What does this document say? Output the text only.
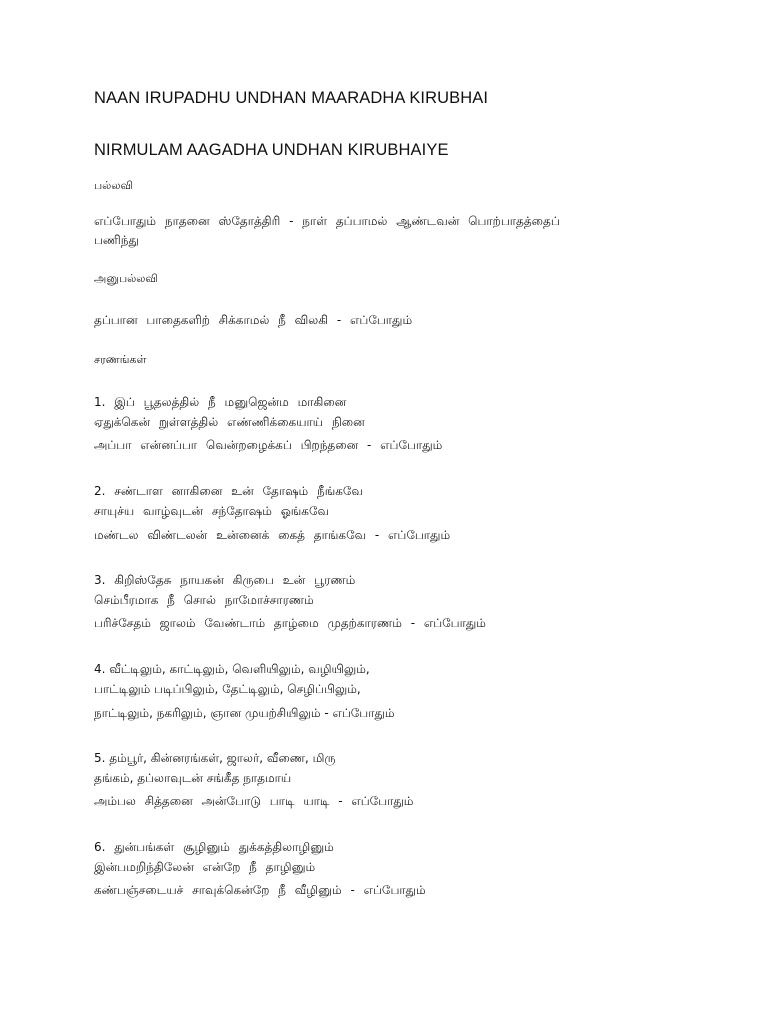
NAAN IRUPADHU UNDHAN MAARADHA KIRUBHAI
NIRMULAM AAGADHA UNDHAN KIRUBHAIYE
பல்லவி
எப்போதும் நாதனை ஸ்தோத்திரி - நாள் தப்பாமல் ஆண்டவன் பொற்பாதத்தைப்
பணிந்து
அனுபல்லவி
தப்பான பாதைகளிற் சிக்காமல் நீ விலகி - எப்போதும்
சரணங்கள்
1. இப் பூதலத்தில் நீ மனுஜென்ம மாகினை
ஏதுக்கென் றுள்ளத்தில் எண்ணிக்கையாய் நினை
அப்பா என்னப்பா வென்றழைக்கப் பிறந்தனை - எப்போதும்
2. சண்டாள னாகினை உன் தோஷம் நீங்கவே
சாயுச்ய வாழ்வுடன் சந்தோஷம் ஓங்கவே
மண்டல விண்டலன் உன்னைக் கைத் தாங்கவே - எப்போதும்
3. கிறிஸ்தேசு நாயகன் கிருபை உன் பூரணம்
செம்பீரமாக நீ சொல் நாமோச்சாரணம்
பரிச்சேதம் ஜாலம் வேண்டாம் தாழ்மை முதற்காரணம் - எப்போதும்
4. வீட்டிலும், காட்டிலும், வெளியிலும், வழியிலும்,
பாட்டிலும் படிப்பிலும், தேட்டிலும், செழிப்பிலும்,
நாட்டிலும், நகரிலும், ஞான முயற்சியிலும் - எப்போதும்
5. தம்பூர், கின்னரங்கள், ஜாலர், வீணை, மிரு
தங்கம், தப்லாவுடன் சங்கீத நாதமாய்
அம்பல சித்தனை அன்போடு பாடி யாடி - எப்போதும்
6. துன்பங்கள் சூழினும் துக்கத்திலாழினும்
இன்பமறிந்திலேன் என்றே நீ தாழினும்
கண்பஞ்சடையச் சாவுக்கென்றே நீ வீழினும் - எப்போதும்
